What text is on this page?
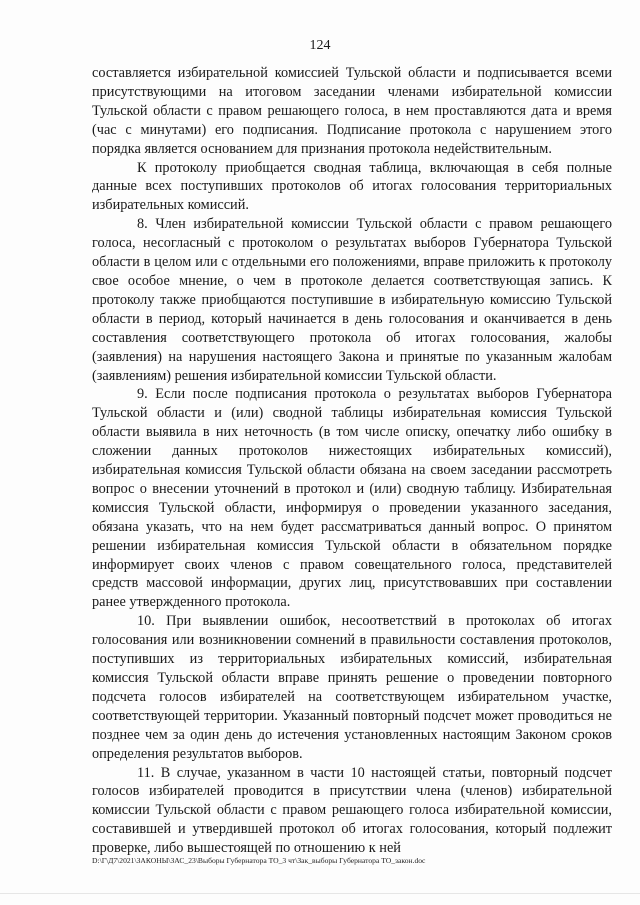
124

составляется избирательной комиссией Тульской области и подписывается всеми присутствующими на итоговом заседании членами избирательной комиссии Тульской области с правом решающего голоса, в нем проставляются дата и время (час с минутами) его подписания. Подписание протокола с нарушением этого порядка является основанием для признания протокола недействительным.

К протоколу приобщается сводная таблица, включающая в себя полные данные всех поступивших протоколов об итогах голосования территориальных избирательных комиссий.

8. Член избирательной комиссии Тульской области с правом решающего голоса, несогласный с протоколом о результатах выборов Губернатора Тульской области в целом или с отдельными его положениями, вправе приложить к протоколу свое особое мнение, о чем в протоколе делается соответствующая запись. К протоколу также приобщаются поступившие в избирательную комиссию Тульской области в период, который начинается в день голосования и оканчивается в день составления соответствующего протокола об итогах голосования, жалобы (заявления) на нарушения настоящего Закона и принятые по указанным жалобам (заявлениям) решения избирательной комиссии Тульской области.

9. Если после подписания протокола о результатах выборов Губернатора Тульской области и (или) сводной таблицы избирательная комиссия Тульской области выявила в них неточность (в том числе описку, опечатку либо ошибку в сложении данных протоколов нижестоящих избирательных комиссий), избирательная комиссия Тульской области обязана на своем заседании рассмотреть вопрос о внесении уточнений в протокол и (или) сводную таблицу. Избирательная комиссия Тульской области, информируя о проведении указанного заседания, обязана указать, что на нем будет рассматриваться данный вопрос. О принятом решении избирательная комиссия Тульской области в обязательном порядке информирует своих членов с правом совещательного голоса, представителей средств массовой информации, других лиц, присутствовавших при составлении ранее утвержденного протокола.

10. При выявлении ошибок, несоответствий в протоколах об итогах голосования или возникновении сомнений в правильности составления протоколов, поступивших из территориальных избирательных комиссий, избирательная комиссия Тульской области вправе принять решение о проведении повторного подсчета голосов избирателей на соответствующем избирательном участке, соответствующей территории. Указанный повторный подсчет может проводиться не позднее чем за один день до истечения установленных настоящим Законом сроков определения результатов выборов.

11. В случае, указанном в части 10 настоящей статьи, повторный подсчет голосов избирателей проводится в присутствии члена (членов) избирательной комиссии Тульской области с правом решающего голоса избирательной комиссии, составившей и утвердившей протокол об итогах голосования, который подлежит проверке, либо вышестоящей по отношению к ней

D:\Г\Д7\2021\ЗАКОНЫ\ЗАС_23\Выборы Губернатора ТО_3 чт\Зак_выборы Губернатора ТО_закон.doc
